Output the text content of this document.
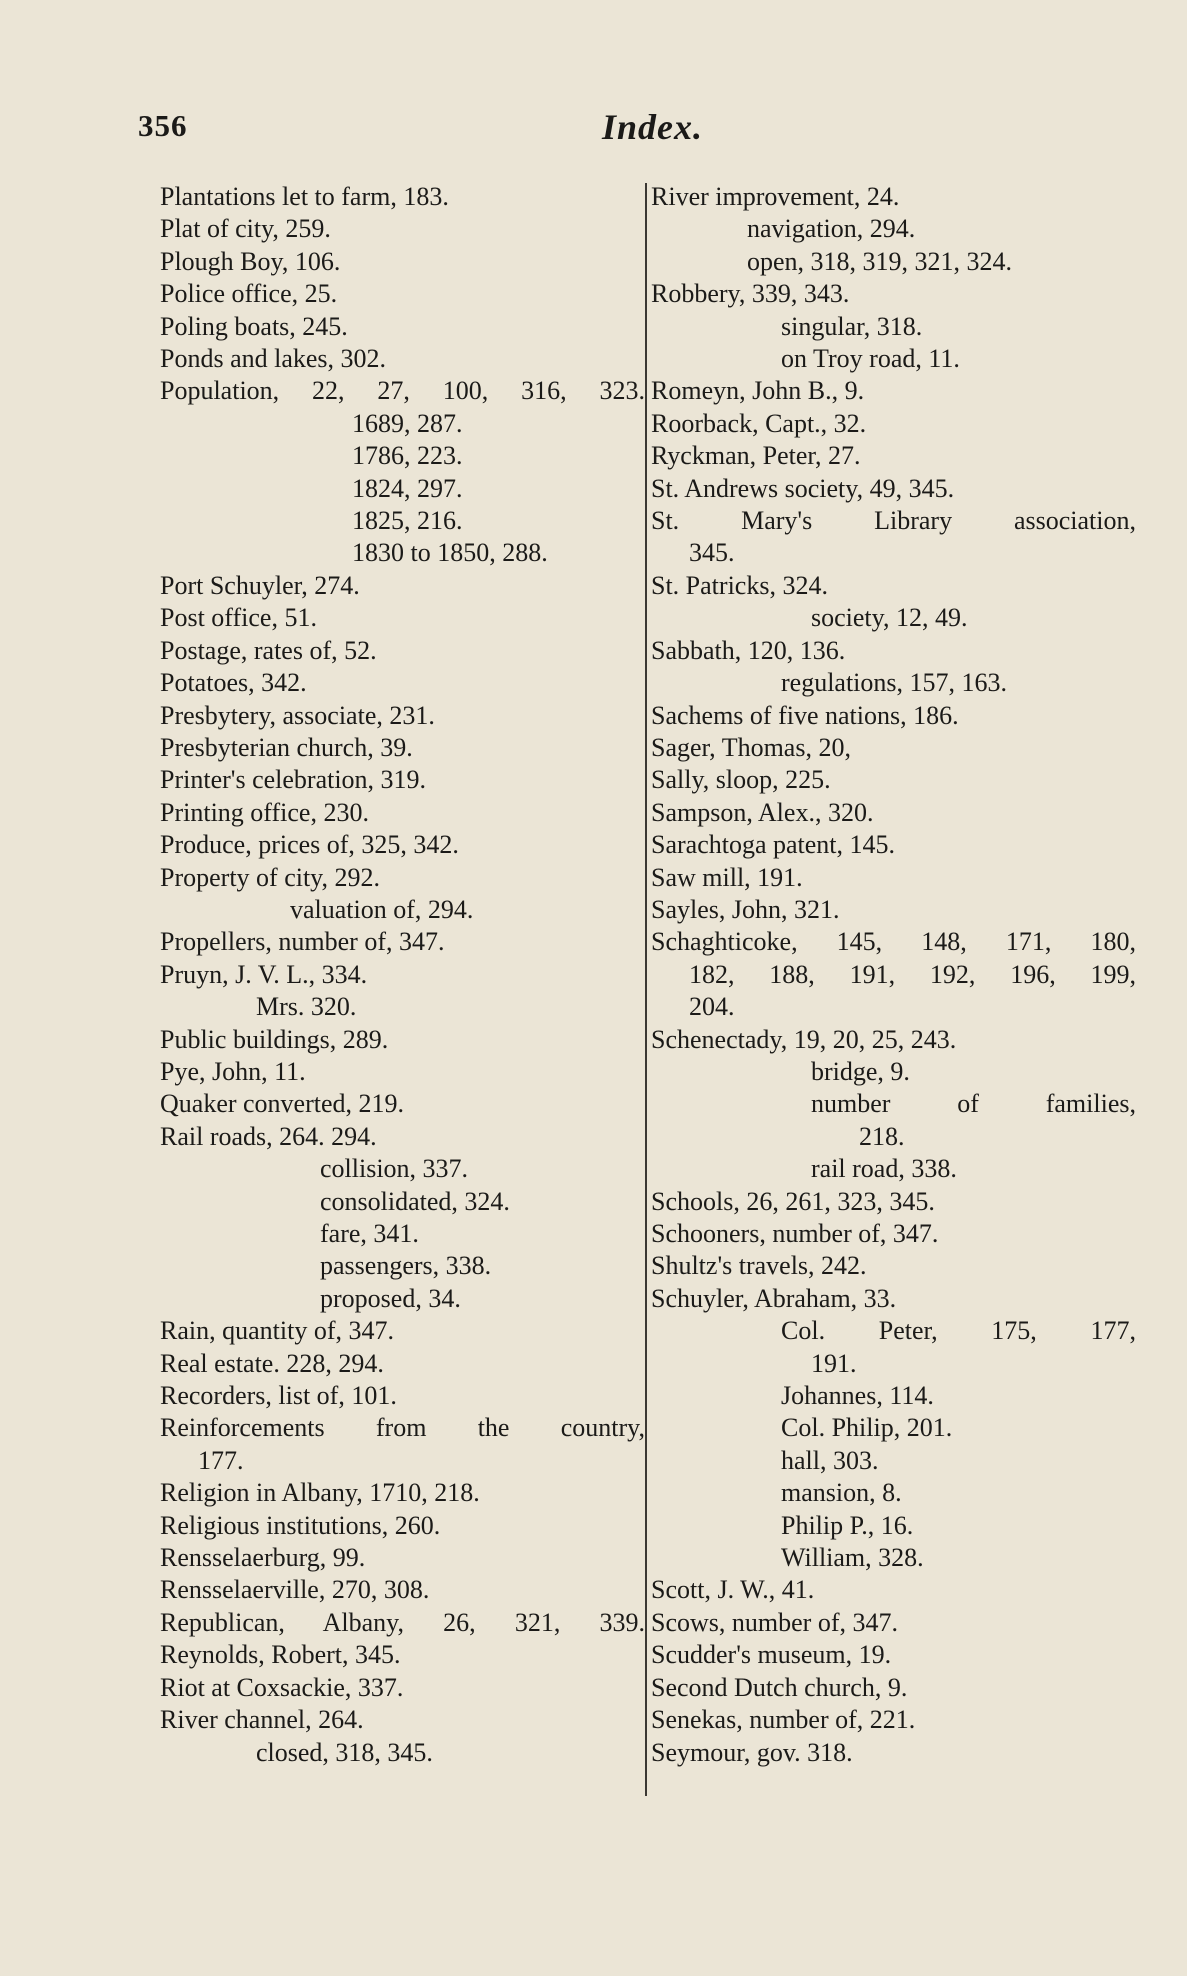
356	Index.
Plantations let to farm, 183.
Plat of city, 259.
Plough Boy, 106.
Police office, 25.
Poling boats, 245.
Ponds and lakes, 302.
Population, 22, 27, 100, 316, 323.
1689, 287.
1786, 223.
1824, 297.
1825, 216.
1830 to 1850, 288.
Port Schuyler, 274.
Post office, 51.
Postage, rates of, 52.
Potatoes, 342.
Presbytery, associate, 231.
Presbyterian church, 39.
Printer's celebration, 319.
Printing office, 230.
Produce, prices of, 325, 342.
Property of city, 292.
valuation of, 294.
Propellers, number of, 347.
Pruyn, J. V. L., 334.
Mrs. 320.
Public buildings, 289.
Pye, John, 11.
Quaker converted, 219.
Rail roads, 264. 294.
collision, 337.
consolidated, 324.
fare, 341.
passengers, 338.
proposed, 34.
Rain, quantity of, 347.
Real estate. 228, 294.
Recorders, list of, 101.
Reinforcements from the country,
177.
Religion in Albany, 1710, 218.
Religious institutions, 260.
Rensselaerburg, 99.
Rensselaerville, 270, 308.
Republican, Albany, 26, 321, 339.
Reynolds, Robert, 345.
Riot at Coxsackie, 337.
River channel, 264.
closed, 318, 345.
River improvement, 24.
navigation, 294.
open, 318, 319, 321, 324.
Robbery, 339, 343.
singular, 318.
on Troy road, 11.
Romeyn, John B., 9.
Roorback, Capt., 32.
Ryckman, Peter, 27.
St. Andrews society, 49, 345.
St. Mary's Library association,
345.
St. Patricks, 324.
society, 12, 49.
Sabbath, 120, 136.
regulations, 157, 163.
Sachems of five nations, 186.
Sager, Thomas, 20,
Sally, sloop, 225.
Sampson, Alex., 320.
Sarachtoga patent, 145.
Saw mill, 191.
Sayles, John, 321.
Schaghticoke, 145, 148, 171, 180,
182, 188, 191, 192, 196, 199,
204.
Schenectady, 19, 20, 25, 243.
bridge, 9.
number of families,
218.
rail road, 338.
Schools, 26, 261, 323, 345.
Schooners, number of, 347.
Shultz's travels, 242.
Schuyler, Abraham, 33.
Col. Peter, 175, 177,
191.
Johannes, 114.
Col. Philip, 201.
hall, 303.
mansion, 8.
Philip P., 16.
William, 328.
Scott, J. W., 41.
Scows, number of, 347.
Scudder's museum, 19.
Second Dutch church, 9.
Senekas, number of, 221.
Seymour, gov. 318.
